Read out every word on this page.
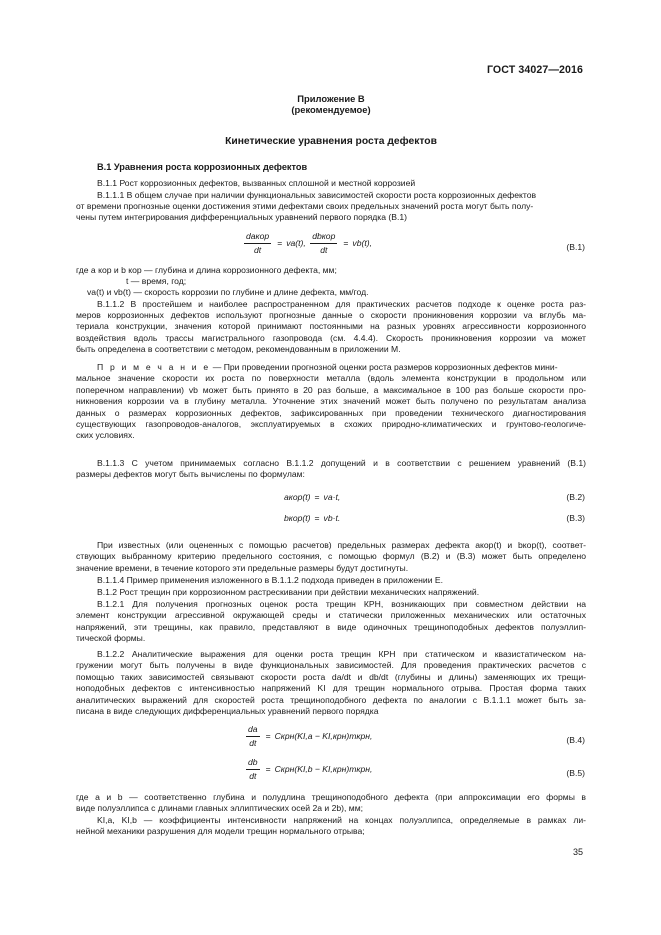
ГОСТ 34027—2016
Приложение В
(рекомендуемое)
Кинетические уравнения роста дефектов
В.1 Уравнения роста коррозионных дефектов
В.1.1 Рост коррозионных дефектов, вызванных сплошной и местной коррозией
В.1.1.1 В общем случае при наличии функциональных зависимостей скорости роста коррозионных дефектов
от времени прогнозные оценки достижения этими дефектами своих предельных значений роста могут быть полу-
чены путем интегрирования дифференциальных уравнений первого порядка (В.1)
$\frac{\text{daкор}}{dt} = va(t)$, $\frac{\text{dbкор}}{dt} = vb(t)$,	(В.1)
где a кор и b кор — глубина и длина коррозионного дефекта, мм;
t — время, год;
va(t) и vb(t) — скорость коррозии по глубине и длине дефекта, мм/год.
В.1.1.2 В простейшем и наиболее распространенном для практических расчетов подходе к оценке роста раз-
меров коррозионных дефектов используют прогнозные данные о скорости проникновения коррозии va вглубь ма-
териала конструкции, значения которой принимают постоянными на разных уровнях агрессивности коррозионного
воздействия вдоль трассы магистрального газопровода (см. 4.4.4). Скорость проникновения коррозии va может
быть определена в соответствии с методом, рекомендованным в приложении М.
П р и м е ч а н и е — При проведении прогнозной оценки роста размеров коррозионных дефектов мини-
мальное значение скорости их роста по поверхности металла (вдоль элемента конструкции в продольном или
поперечном направлении) vb может быть принято в 20 раз больше, а максимальное в 100 раз больше скорости про-
никновения коррозии va в глубину металла. Уточнение этих значений может быть получено по результатам анализа
данных о размерах коррозионных дефектов, зафиксированных при проведении технического диагностирования
существующих газопроводов-аналогов, эксплуатируемых в схожих природно-климатических и грунтово-геологиче-
ских условиях.
В.1.1.3 С учетом принимаемых согласно В.1.1.2 допущений и в соответствии с решением уравнений (В.1)
размеры дефектов могут быть вычислены по формулам:
aкор(t) = va·t,	(В.2)
bкор(t) = vb·t.	(В.3)
При известных (или оцененных с помощью расчетов) предельных размерах дефекта aкор(t) и bкор(t), соответ-
ствующих выбранному критерию предельного состояния, с помощью формул (В.2) и (В.3) может быть определено
значение времени, в течение которого эти предельные размеры будут достигнуты.
В.1.1.4 Пример применения изложенного в В.1.1.2 подхода приведен в приложении Е.
В.1.2 Рост трещин при коррозионном растрескивании при действии механических напряжений.
В.1.2.1 Для получения прогнозных оценок роста трещин КРН, возникающих при совместном действии на
элемент конструкции агрессивной окружающей среды и статически приложенных механических или остаточных
напряжений, эти трещины, как правило, представляют в виде одиночных трещиноподобных дефектов полуэллип-
тической формы.
В.1.2.2 Аналитические выражения для оценки роста трещин КРН при статическом и квазистатическом на-
гружении могут быть получены в виде функциональных зависимостей. Для проведения практических расчетов с
помощью таких зависимостей связывают скорости роста da/dt и db/dt (глубины и длины) заменяющих их трещи-
ноподобных дефектов с интенсивностью напряжений KI для трещин нормального отрыва. Простая форма таких
аналитических выражений для скоростей роста трещиноподобного дефекта по аналогии с В.1.1.1 может быть за-
писана в виде следующих дифференциальных уравнений первого порядка
$\frac{da}{dt}$ = Cкрн(KI,a − KI,крн)mкрн,	(В.4)
$\frac{db}{dt}$ = Cкрн(KI,b − KI,крн)mкрн,	(В.5)
где a и b — соответственно глубина и полудлина трещиноподобного дефекта (при аппроксимации его формы в
виде полуэллипса с длинами главных эллиптических осей 2a и 2b), мм;
KI,a, KI,b — коэффициенты интенсивности напряжений на концах полуэллипса, определяемые в рамках ли-
нейной механики разрушения для модели трещин нормального отрыва;
35
